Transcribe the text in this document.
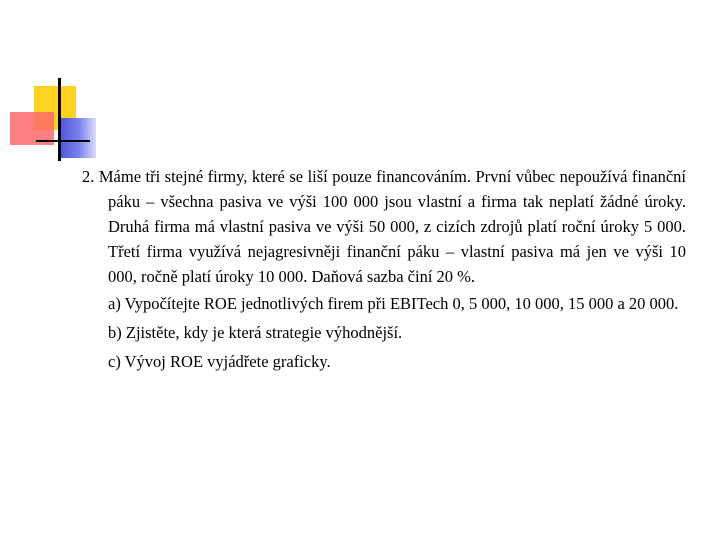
2. Máme tři stejné firmy, které se liší pouze financováním. První vůbec nepoužívá finanční páku – všechna pasiva ve výši 100 000 jsou vlastní a firma tak neplatí žádné úroky. Druhá firma má vlastní pasiva ve výši 50 000, z cizích zdrojů platí roční úroky 5 000. Třetí firma využívá nejagresivněji finanční páku – vlastní pasiva má jen ve výši 10 000, ročně platí úroky 10 000. Daňová sazba činí 20 %.

a) Vypočítejte ROE jednotlivých firem při EBITech 0, 5 000, 10 000, 15 000 a 20 000.

b) Zjistěte, kdy je která strategie výhodnější.

c) Vývoj ROE vyjádřete graficky.
